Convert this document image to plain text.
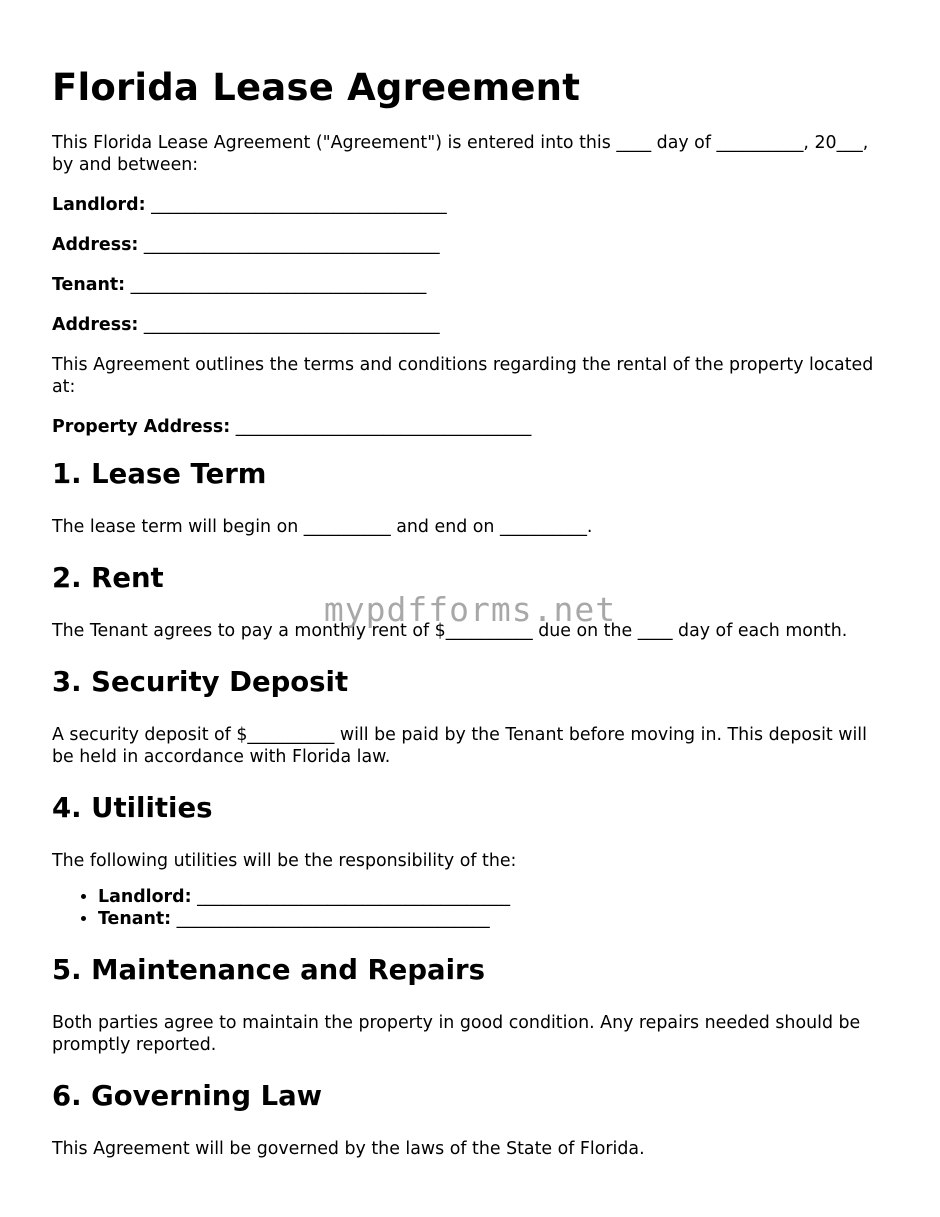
Florida Lease Agreement

This Florida Lease Agreement ("Agreement") is entered into this ____ day of __________, 20___, by and between:

Landlord: __________________________________
Address: __________________________________
Tenant: __________________________________
Address: __________________________________

This Agreement outlines the terms and conditions regarding the rental of the property located at:

Property Address: __________________________________
1. Lease Term

The lease term will begin on __________ and end on __________.

2. Rent

The Tenant agrees to pay a monthly rent of $__________ due on the ____ day of each month.

3. Security Deposit

A security deposit of $__________ will be paid by the Tenant before moving in. This deposit will be held in accordance with Florida law.

4. Utilities

The following utilities will be the responsibility of the:

• Landlord: ____________________________________
• Tenant: ____________________________________
5. Maintenance and Repairs

Both parties agree to maintain the property in good condition. Any repairs needed should be promptly reported.

6. Governing Law

This Agreement will be governed by the laws of the State of Florida.

mypdfforms.net
